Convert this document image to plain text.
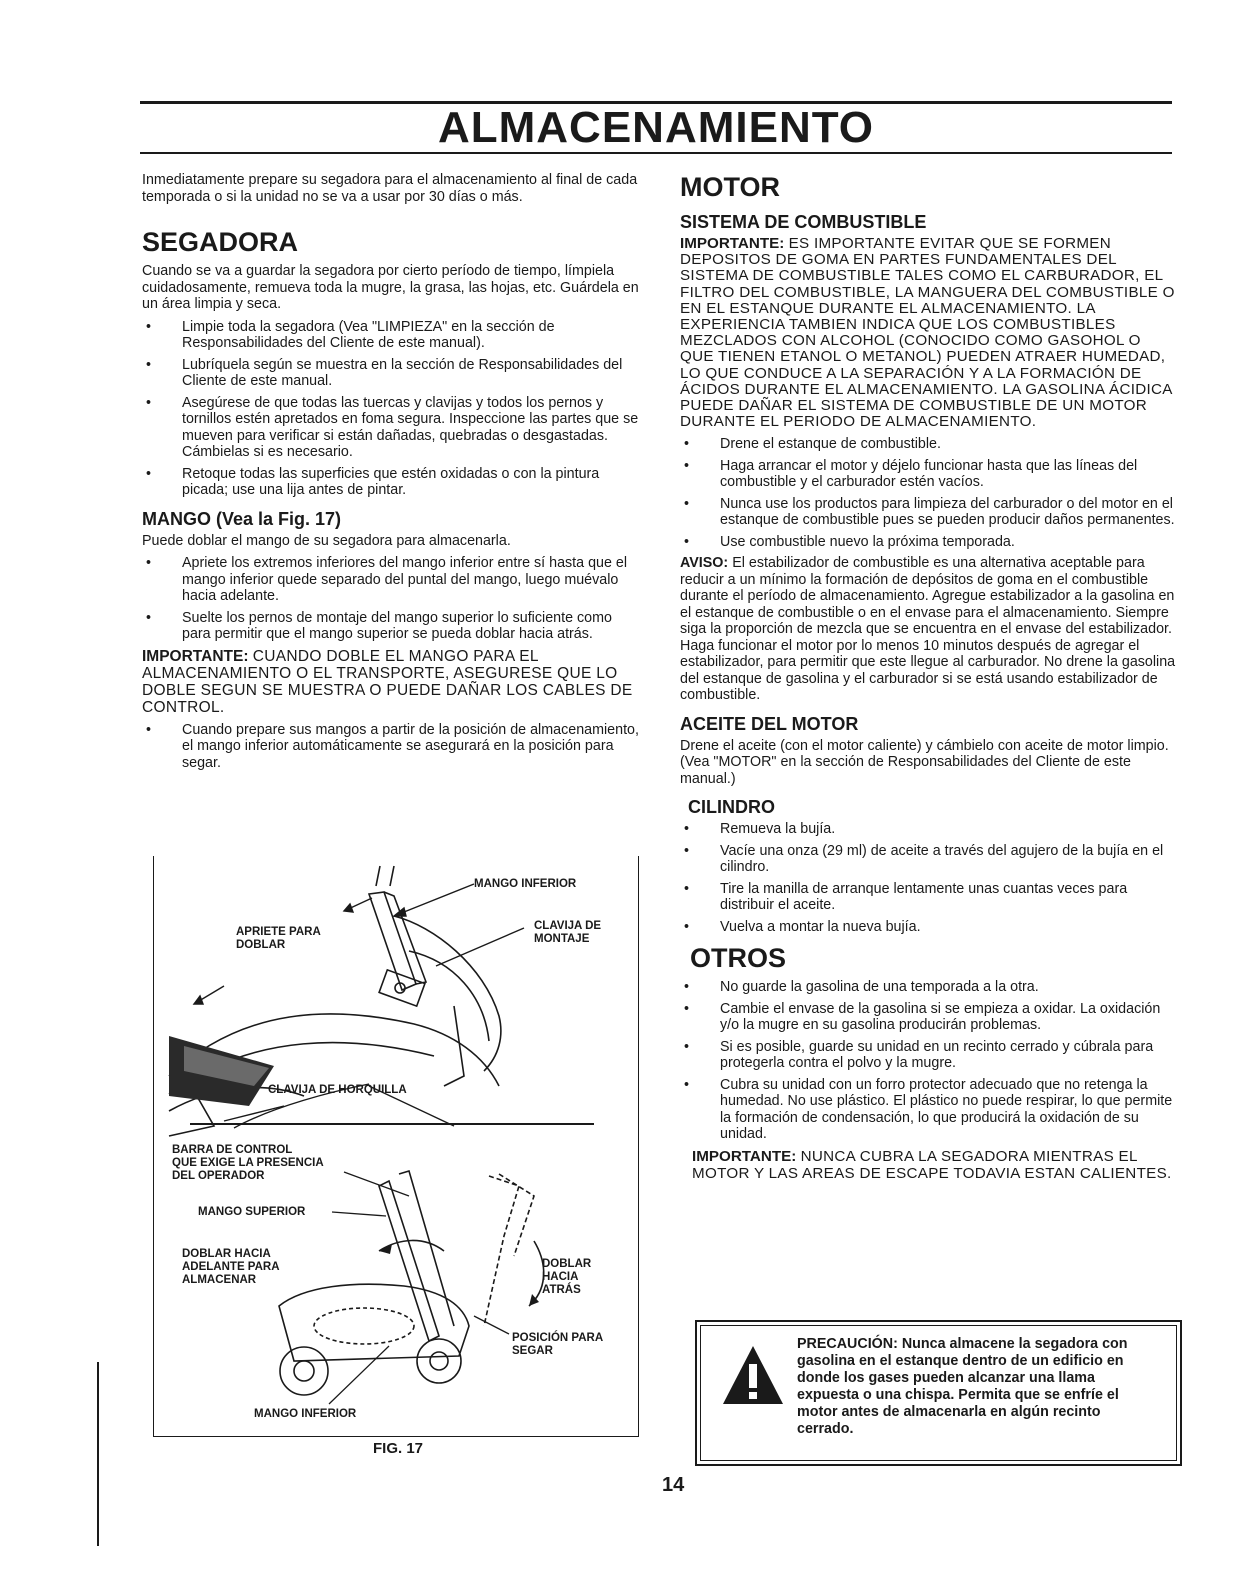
ALMACENAMIENTO

Inmediatamente prepare su segadora para el almacenamiento al final de cada temporada o si la unidad no se va a usar por 30 días o más.

SEGADORA

Cuando se va a guardar la segadora por cierto período de tiempo, límpiela cuidadosamente, remueva toda la mugre, la grasa, las hojas, etc. Guárdela en un área limpia y seca.

• Limpie toda la segadora (Vea "LIMPIEZA" en la sección de Responsabilidades del Cliente de este manual).
• Lubríquela según se muestra en la sección de Responsabilidades del Cliente de este manual.
• Asegúrese de que todas las tuercas y clavijas y todos los pernos y tornillos estén apretados en foma segura. Inspeccione las partes que se mueven para verificar si están dañadas, quebradas o desgastadas. Cámbielas si es necesario.
• Retoque todas las superficies que estén oxidadas o con la pintura picada; use una lija antes de pintar.
MANGO (Vea la Fig. 17)

Puede doblar el mango de su segadora para almacenarla.

• Apriete los extremos inferiores del mango inferior entre sí hasta que el mango inferior quede separado del puntal del mango, luego muévalo hacia adelante.
• Suelte los pernos de montaje del mango superior lo suficiente como para permitir que el mango superior se pueda doblar hacia atrás.

IMPORTANTE: CUANDO DOBLE EL MANGO PARA EL ALMACENAMIENTO O EL TRANSPORTE, ASEGURESE QUE LO DOBLE SEGUN SE MUESTRA O PUEDE DAÑAR LOS CABLES DE CONTROL.

• Cuando prepare sus mangos a partir de la posición de almacenamiento, el mango inferior automáticamente se asegurará en la posición para segar.
MANGO INFERIOR
APRIETE PARA
DOBLAR
CLAVIJA DE
MONTAJE
CLAVIJA DE HORQUILLA
BARRA DE CONTROL
QUE EXIGE LA PRESENCIA
DEL OPERADOR
MANGO SUPERIOR
DOBLAR HACIA
ADELANTE PARA
ALMACENAR
DOBLAR
HACIA
ATRÁS
POSICIÓN PARA
SEGAR
MANGO INFERIOR
FIG. 17
MOTOR
SISTEMA DE COMBUSTIBLE

IMPORTANTE: ES IMPORTANTE EVITAR QUE SE FORMEN DEPOSITOS DE GOMA EN PARTES FUNDAMENTALES DEL SISTEMA DE COMBUSTIBLE TALES COMO EL CARBURADOR, EL FILTRO DEL COMBUSTIBLE, LA MANGUERA DEL COMBUSTIBLE O EN EL ESTANQUE DURANTE EL ALMACENAMIENTO. LA EXPERIENCIA TAMBIEN INDICA QUE LOS COMBUSTIBLES MEZCLADOS CON ALCOHOL (CONOCIDO COMO GASOHOL O QUE TIENEN ETANOL O METANOL) PUEDEN ATRAER HUMEDAD, LO QUE CONDUCE A LA SEPARACIÓN Y A LA FORMACIÓN DE ÁCIDOS DURANTE EL ALMACENAMIENTO. LA GASOLINA ÁCIDICA PUEDE DAÑAR EL SISTEMA DE COMBUSTIBLE DE UN MOTOR DURANTE EL PERIODO DE ALMACENAMIENTO.

• Drene el estanque de combustible.
• Haga arrancar el motor y déjelo funcionar hasta que las líneas del combustible y el carburador estén vacíos.
• Nunca use los productos para limpieza del carburador o del motor en el estanque de combustible pues se pueden producir daños permanentes.
• Use combustible nuevo la próxima temporada.

AVISO: El estabilizador de combustible es una alternativa aceptable para reducir a un mínimo la formación de depósitos de goma en el combustible durante el período de almacenamiento. Agregue estabilizador a la gasolina en el estanque de combustible o en el envase para el almacenamiento. Siempre siga la proporción de mezcla que se encuentra en el envase del estabilizador. Haga funcionar el motor por lo menos 10 minutos después de agregar el estabilizador, para permitir que este llegue al carburador. No drene la gasolina del estanque de gasolina y el carburador si se está usando estabilizador de combustible.

ACEITE DEL MOTOR

Drene el aceite (con el motor caliente) y cámbielo con aceite de motor limpio. (Vea "MOTOR" en la sección de Responsabilidades del Cliente de este manual.)

CILINDRO
• Remueva la bujía.
• Vacíe una onza (29 ml) de aceite a través del agujero de la bujía en el cilindro.
• Tire la manilla de arranque lentamente unas cuantas veces para distribuir el aceite.
• Vuelva a montar la nueva bujía.
OTROS
• No guarde la gasolina de una temporada a la otra.
• Cambie el envase de la gasolina si se empieza a oxidar. La oxidación y/o la mugre en su gasolina producirán problemas.
• Si es posible, guarde su unidad en un recinto cerrado y cúbrala para protegerla contra el polvo y la mugre.
• Cubra su unidad con un forro protector adecuado que no retenga la humedad. No use plástico. El plástico no puede respirar, lo que permite la formación de condensación, lo que producirá la oxidación de su unidad.

IMPORTANTE: NUNCA CUBRA LA SEGADORA MIENTRAS EL MOTOR Y LAS AREAS DE ESCAPE TODAVIA ESTAN CALIENTES.

PRECAUCIÓN: Nunca almacene la segadora con gasolina en el estanque dentro de un edificio en donde los gases pueden alcanzar una llama expuesta o una chispa. Permita que se enfríe el motor antes de almacenarla en algún recinto cerrado.
14
